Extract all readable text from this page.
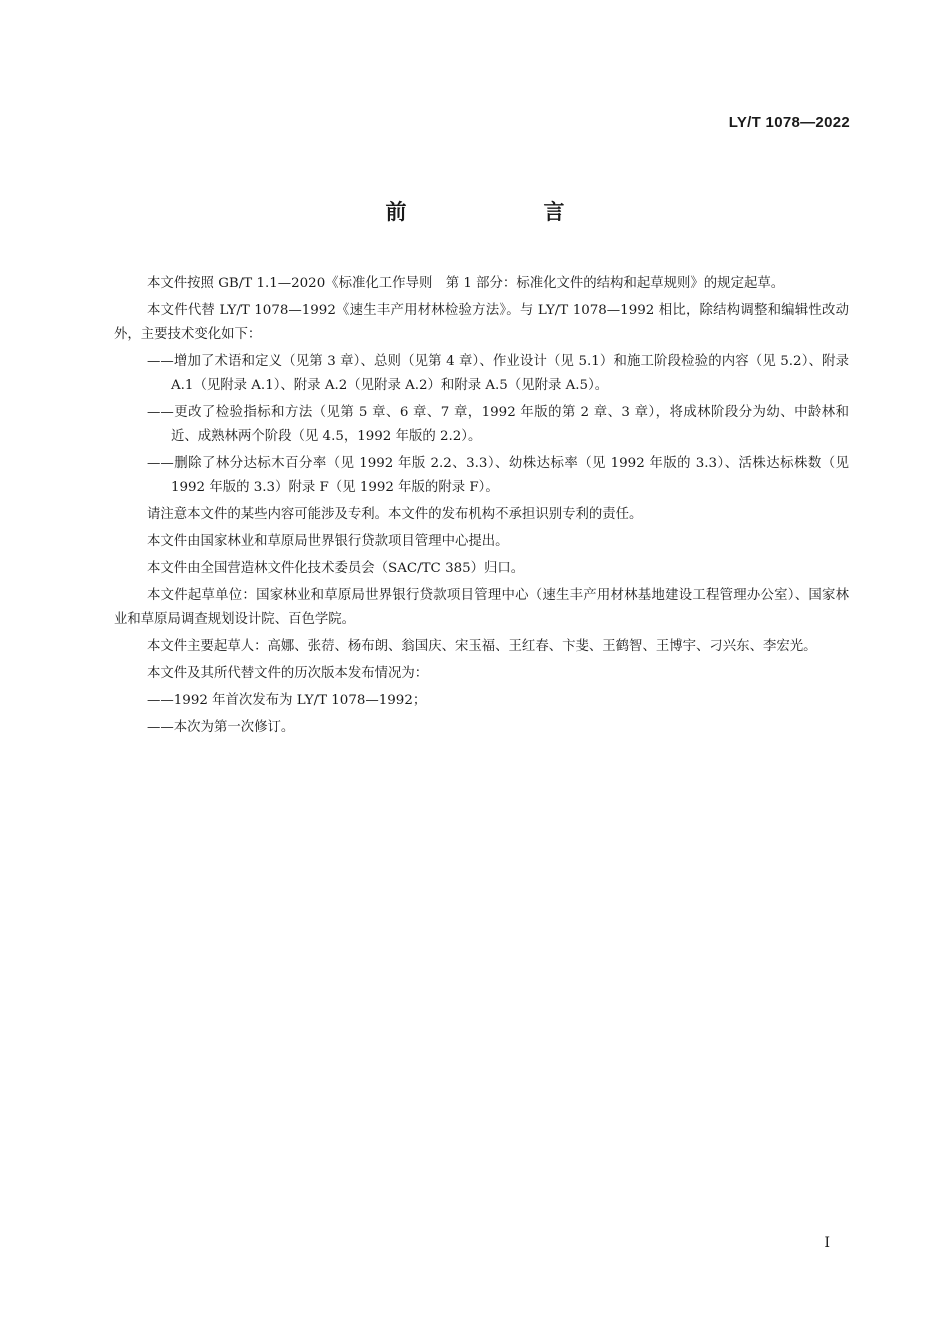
LY/T 1078—2022
前　言

本文件按照 GB/T 1.1—2020《标准化工作导则　第 1 部分：标准化文件的结构和起草规则》的规定起草。

本文件代替 LY/T 1078—1992《速生丰产用材林检验方法》。与 LY/T 1078—1992 相比，除结构调整和编辑性改动外，主要技术变化如下：

——增加了术语和定义（见第 3 章）、总则（见第 4 章）、作业设计（见 5.1）和施工阶段检验的内容（见 5.2）、附录 A.1（见附录 A.1）、附录 A.2（见附录 A.2）和附录 A.5（见附录 A.5）。

——更改了检验指标和方法（见第 5 章、6 章、7 章，1992 年版的第 2 章、3 章），将成林阶段分为幼、中龄林和近、成熟林两个阶段（见 4.5，1992 年版的 2.2）。

——删除了林分达标木百分率（见 1992 年版 2.2、3.3）、幼株达标率（见 1992 年版的 3.3）、活株达标株数（见 1992 年版的 3.3）附录 F（见 1992 年版的附录 F）。

请注意本文件的某些内容可能涉及专利。本文件的发布机构不承担识别专利的责任。

本文件由国家林业和草原局世界银行贷款项目管理中心提出。

本文件由全国营造林文件化技术委员会（SAC/TC 385）归口。

本文件起草单位：国家林业和草原局世界银行贷款项目管理中心（速生丰产用材林基地建设工程管理办公室）、国家林业和草原局调查规划设计院、百色学院。

本文件主要起草人：高娜、张葕、杨布朗、翁国庆、宋玉福、王红春、卞斐、王鹤智、王博宇、刁兴东、李宏光。

本文件及其所代替文件的历次版本发布情况为：

——1992 年首次发布为 LY/T 1078—1992；

——本次为第一次修订。

I
